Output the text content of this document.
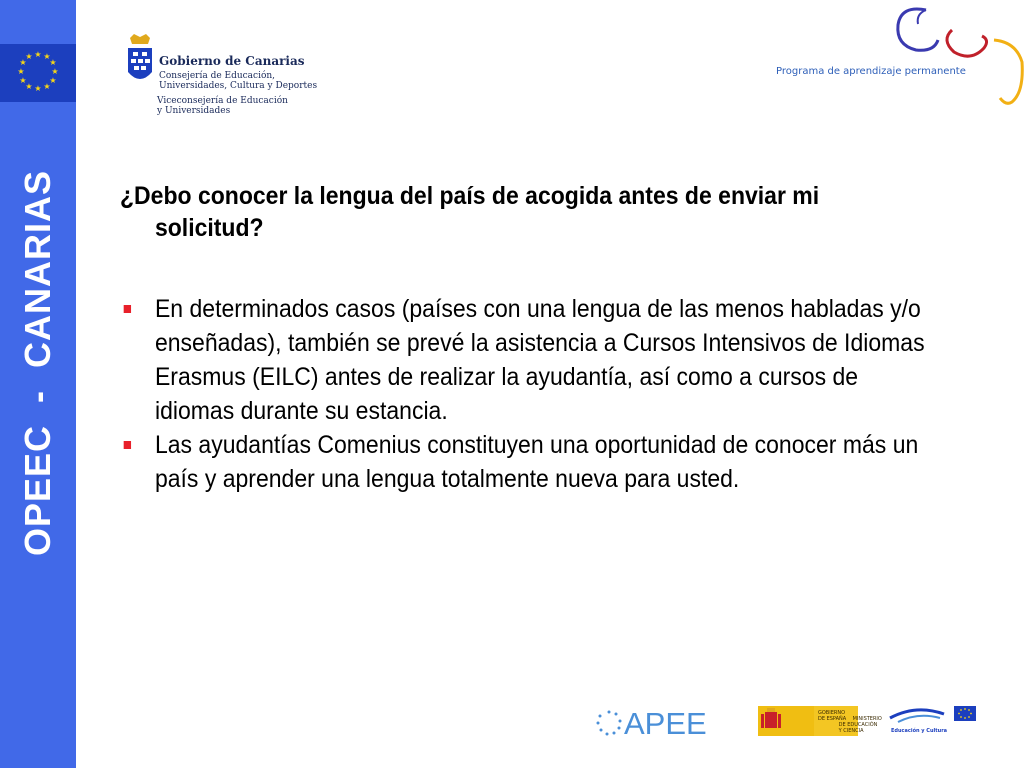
★ ★
★
★
★
★
★
★
★
★
★
★
OPEEC  -  CANARIAS
Gobierno de Canarias
Consejería de Educación,
Universidades, Cultura y Deportes
Viceconsejería de Educación
y Universidades
Programa de aprendizaje permanente

¿Debo conocer la lengua del país de acogida antes de enviar mi solicitud?

En determinados casos (países con una lengua de las menos habladas y/o enseñadas), también se prevé la asistencia a Cursos Intensivos de Idiomas Erasmus (EILC) antes de realizar la ayudantía, así como a cursos de idiomas durante su estancia.
Las ayudantías Comenius constituyen una oportunidad de conocer más un país y aprender una lengua totalmente nueva para usted.
APEE	GOBIERNO
DE ESPAÑA    MINISTERIO
DE EDUCACIÓN
Y CIENCIA	Educación y Cultura
